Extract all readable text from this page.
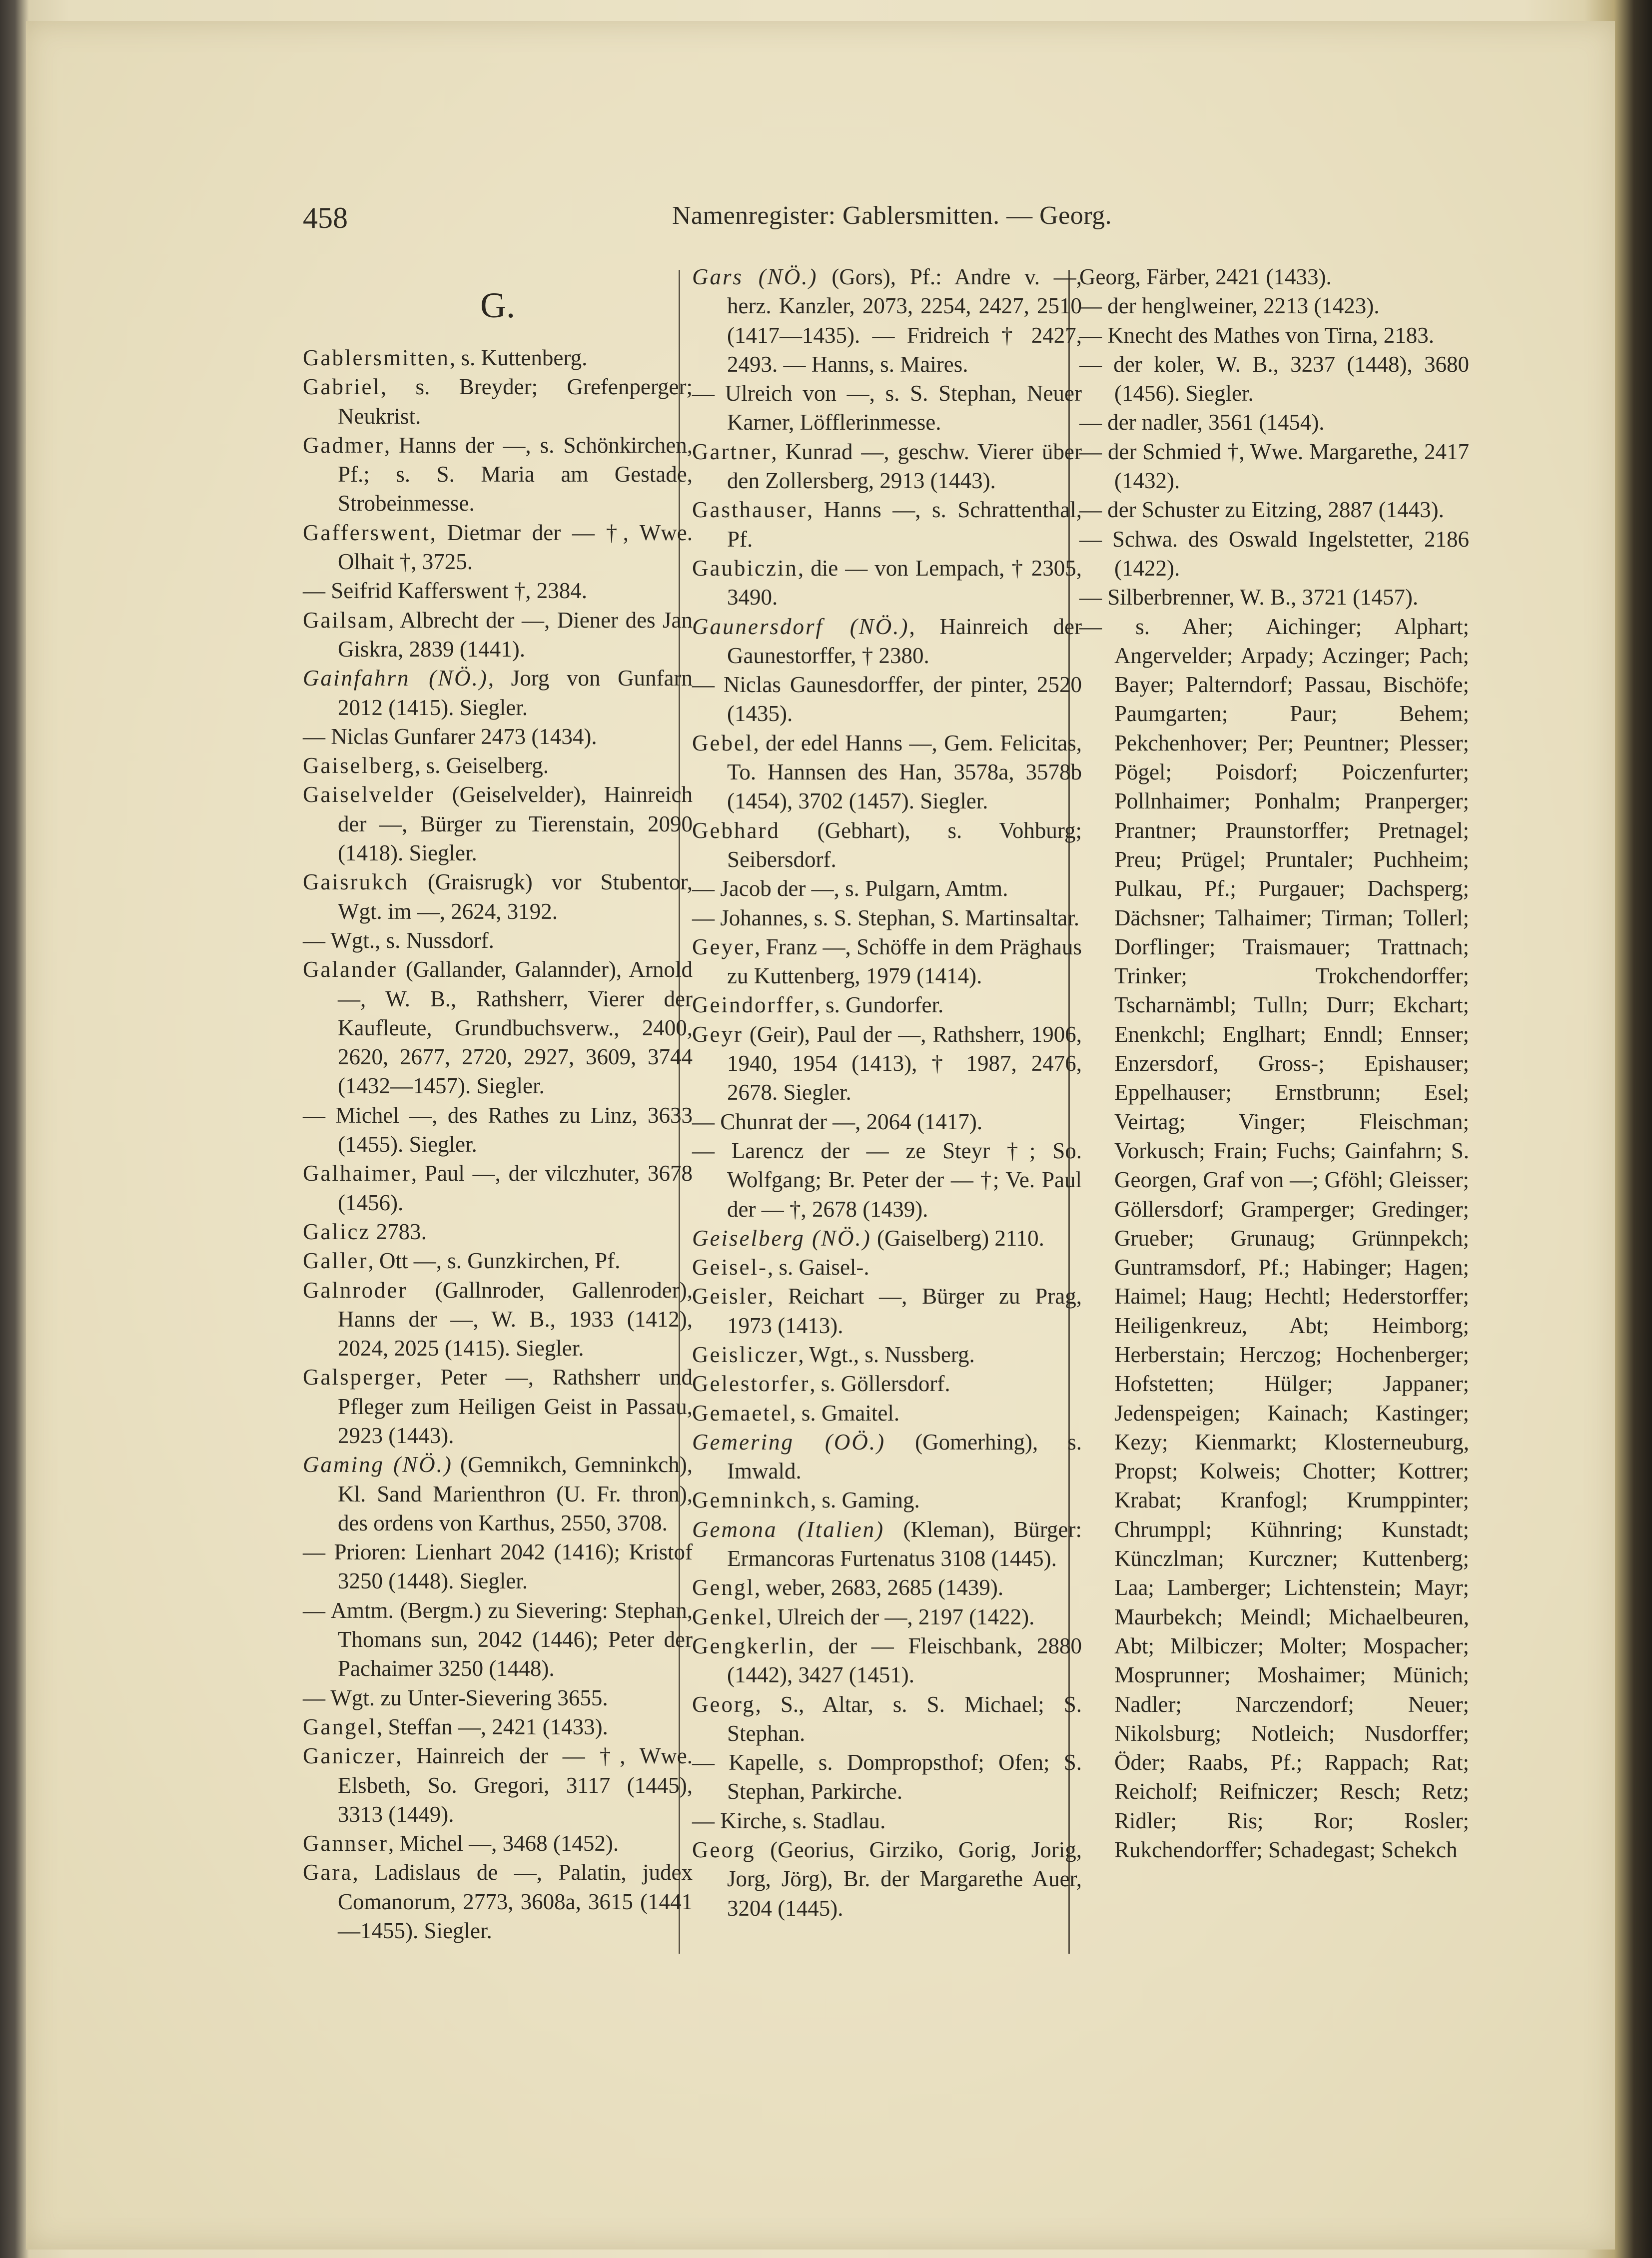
458	Namenregister: Gablersmitten. — Georg.
G.

Gablersmitten, s. Kuttenberg.

Gabriel, s. Breyder; Grefenperger; Neukrist.

Gadmer, Hanns der —, s. Schönkirchen, Pf.; s. S. Maria am Gestade, Strobeinmesse.

Gafferswent, Dietmar der — †, Wwe. Olhait †, 3725.

— Seifrid Kafferswent †, 2384.

Gailsam, Albrecht der —, Diener des Jan Giskra, 2839 (1441).

Gainfahrn (NÖ.), Jorg von Gunfarn 2012 (1415). Siegler.

— Niclas Gunfarer 2473 (1434).

Gaiselberg, s. Geiselberg.

Gaiselvelder (Geiselvelder), Hainreich der —, Bürger zu Tierenstain, 2090 (1418). Siegler.

Gaisrukch (Graisrugk) vor Stubentor, Wgt. im —, 2624, 3192.

— Wgt., s. Nussdorf.

Galander (Gallander, Galannder), Arnold —, W. B., Rathsherr, Vierer der Kaufleute, Grundbuchsverw., 2400, 2620, 2677, 2720, 2927, 3609, 3744 (1432—1457). Siegler.

— Michel —, des Rathes zu Linz, 3633 (1455). Siegler.

Galhaimer, Paul —, der vilczhuter, 3678 (1456).

Galicz 2783.

Galler, Ott —, s. Gunzkirchen, Pf.

Galnroder (Gallnroder, Gallenroder), Hanns der —, W. B., 1933 (1412), 2024, 2025 (1415). Siegler.

Galsperger, Peter —, Rathsherr und Pfleger zum Heiligen Geist in Passau, 2923 (1443).

Gaming (NÖ.) (Gemnikch, Gemninkch), Kl. Sand Marienthron (U. Fr. thron), des ordens von Karthus, 2550, 3708.

— Prioren: Lienhart 2042 (1416); Kristof 3250 (1448). Siegler.

— Amtm. (Bergm.) zu Sievering: Stephan, Thomans sun, 2042 (1446); Peter der Pachaimer 3250 (1448).

— Wgt. zu Unter-Sievering 3655.

Gangel, Steffan —, 2421 (1433).

Ganiczer, Hainreich der — †, Wwe. Elsbeth, So. Gregori, 3117 (1445), 3313 (1449).

Gannser, Michel —, 3468 (1452).

Gara, Ladislaus de —, Palatin, judex Comanorum, 2773, 3608a, 3615 (1441—1455). Siegler.

Gars (NÖ.) (Gors), Pf.: Andre v. —, herz. Kanzler, 2073, 2254, 2427, 2510 (1417—1435). — Fridreich † 2427, 2493. — Hanns, s. Maires.

— Ulreich von —, s. S. Stephan, Neuer Karner, Löfflerinmesse.

Gartner, Kunrad —, geschw. Vierer über den Zollersberg, 2913 (1443).

Gasthauser, Hanns —, s. Schrattenthal, Pf.

Gaubiczin, die — von Lempach, † 2305, 3490.

Gaunersdorf (NÖ.), Hainreich der Gaunestorffer, † 2380.

— Niclas Gaunesdorffer, der pinter, 2520 (1435).

Gebel, der edel Hanns —, Gem. Felicitas, To. Hannsen des Han, 3578a, 3578b (1454), 3702 (1457). Siegler.

Gebhard (Gebhart), s. Vohburg; Seibersdorf.

— Jacob der —, s. Pulgarn, Amtm.

— Johannes, s. S. Stephan, S. Martinsaltar.

Geyer, Franz —, Schöffe in dem Präghaus zu Kuttenberg, 1979 (1414).

Geindorffer, s. Gundorfer.

Geyr (Geir), Paul der —, Rathsherr, 1906, 1940, 1954 (1413), † 1987, 2476, 2678. Siegler.

— Chunrat der —, 2064 (1417).

— Larencz der — ze Steyr †; So. Wolfgang; Br. Peter der — †; Ve. Paul der — †, 2678 (1439).

Geiselberg (NÖ.) (Gaiselberg) 2110.

Geisel-, s. Gaisel-.

Geisler, Reichart —, Bürger zu Prag, 1973 (1413).

Geisliczer, Wgt., s. Nussberg.

Gelestorfer, s. Göllersdorf.

Gemaetel, s. Gmaitel.

Gemering (OÖ.) (Gomerhing), s. Imwald.

Gemninkch, s. Gaming.

Gemona (Italien) (Kleman), Bürger: Ermancoras Furtenatus 3108 (1445).

Gengl, weber, 2683, 2685 (1439).

Genkel, Ulreich der —, 2197 (1422).

Gengkerlin, der — Fleischbank, 2880 (1442), 3427 (1451).

Georg, S., Altar, s. S. Michael; S. Stephan.

— Kapelle, s. Dompropsthof; Ofen; S. Stephan, Parkirche.

— Kirche, s. Stadlau.

Georg (Georius, Girziko, Gorig, Jorig, Jorg, Jörg), Br. der Margarethe Auer, 3204 (1445).

Georg, Färber, 2421 (1433).

— der henglweiner, 2213 (1423).

— Knecht des Mathes von Tirna, 2183.

— der koler, W. B., 3237 (1448), 3680 (1456). Siegler.

— der nadler, 3561 (1454).

— der Schmied †, Wwe. Margarethe, 2417 (1432).

— der Schuster zu Eitzing, 2887 (1443).

— Schwa. des Oswald Ingelstetter, 2186 (1422).

— Silberbrenner, W. B., 3721 (1457).

— s. Aher; Aichinger; Alphart; Angervelder; Arpady; Aczinger; Pach; Bayer; Palterndorf; Passau, Bischöfe; Paumgarten; Paur; Behem; Pekchenhover; Per; Peuntner; Plesser; Pögel; Poisdorf; Poiczenfurter; Pollnhaimer; Ponhalm; Pranperger; Prantner; Praunstorffer; Pretnagel; Preu; Prügel; Pruntaler; Puchheim; Pulkau, Pf.; Purgauer; Dachsperg; Dächsner; Talhaimer; Tirman; Tollerl; Dorflinger; Traismauer; Trattnach; Trinker; Trokchendorffer; Tscharnämbl; Tulln; Durr; Ekchart; Enenkchl; Englhart; Enndl; Ennser; Enzersdorf, Gross-; Epishauser; Eppelhauser; Ernstbrunn; Esel; Veirtag; Vinger; Fleischman; Vorkusch; Frain; Fuchs; Gainfahrn; S. Georgen, Graf von —; Gföhl; Gleisser; Göllersdorf; Gramperger; Gredinger; Grueber; Grunaug; Grünnpekch; Guntramsdorf, Pf.; Habinger; Hagen; Haimel; Haug; Hechtl; Hederstorffer; Heiligenkreuz, Abt; Heimborg; Herberstain; Herczog; Hochenberger; Hofstetten; Hülger; Jappaner; Jedenspeigen; Kainach; Kastinger; Kezy; Kienmarkt; Klosterneuburg, Propst; Kolweis; Chotter; Kottrer; Krabat; Kranfogl; Krumppinter; Chrumppl; Kühnring; Kunstadt; Künczlman; Kurczner; Kuttenberg; Laa; Lamberger; Lichtenstein; Mayr; Maurbekch; Meindl; Michaelbeuren, Abt; Milbiczer; Molter; Mospacher; Mosprunner; Moshaimer; Münich; Nadler; Narczendorf; Neuer; Nikolsburg; Notleich; Nusdorffer; Öder; Raabs, Pf.; Rappach; Rat; Reicholf; Reifniczer; Resch; Retz; Ridler; Ris; Ror; Rosler; Rukchendorffer; Schadegast; Schekch
